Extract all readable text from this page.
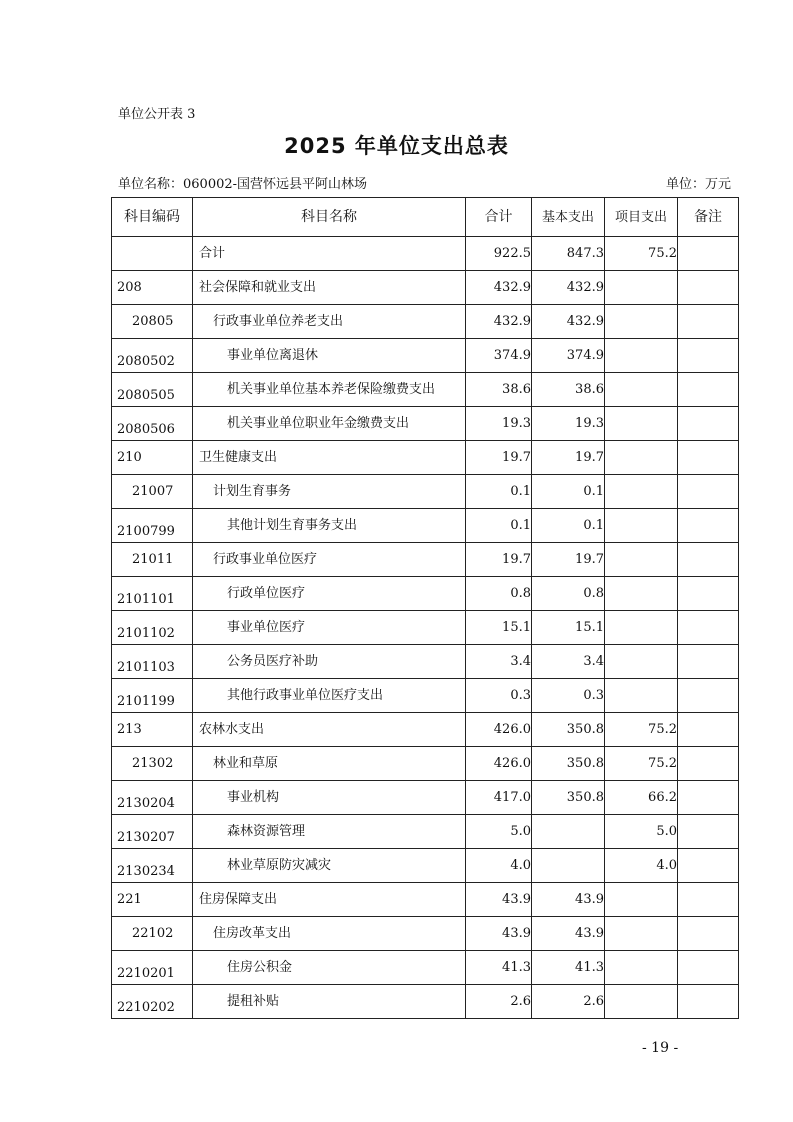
单位公开表 3
2025 年单位支出总表
单位名称：060002-国营怀远县平阿山林场	单位：万元
科目编码	科目名称	合计	基本支出	项目支出	备注
	合计	922.5	847.3	75.2	
208	社会保障和就业支出	432.9	432.9		
20805	行政事业单位养老支出	432.9	432.9		
2080502	事业单位离退休	374.9	374.9		
2080505	机关事业单位基本养老保险缴费支出	38.6	38.6		
2080506	机关事业单位职业年金缴费支出	19.3	19.3		
210	卫生健康支出	19.7	19.7		
21007	计划生育事务	0.1	0.1		
2100799	其他计划生育事务支出	0.1	0.1		
21011	行政事业单位医疗	19.7	19.7		
2101101	行政单位医疗	0.8	0.8		
2101102	事业单位医疗	15.1	15.1		
2101103	公务员医疗补助	3.4	3.4		
2101199	其他行政事业单位医疗支出	0.3	0.3		
213	农林水支出	426.0	350.8	75.2	
21302	林业和草原	426.0	350.8	75.2	
2130204	事业机构	417.0	350.8	66.2	
2130207	森林资源管理	5.0		5.0	
2130234	林业草原防灾减灾	4.0		4.0	
221	住房保障支出	43.9	43.9		
22102	住房改革支出	43.9	43.9		
2210201	住房公积金	41.3	41.3		
2210202	提租补贴	2.6	2.6		
- 19 -
